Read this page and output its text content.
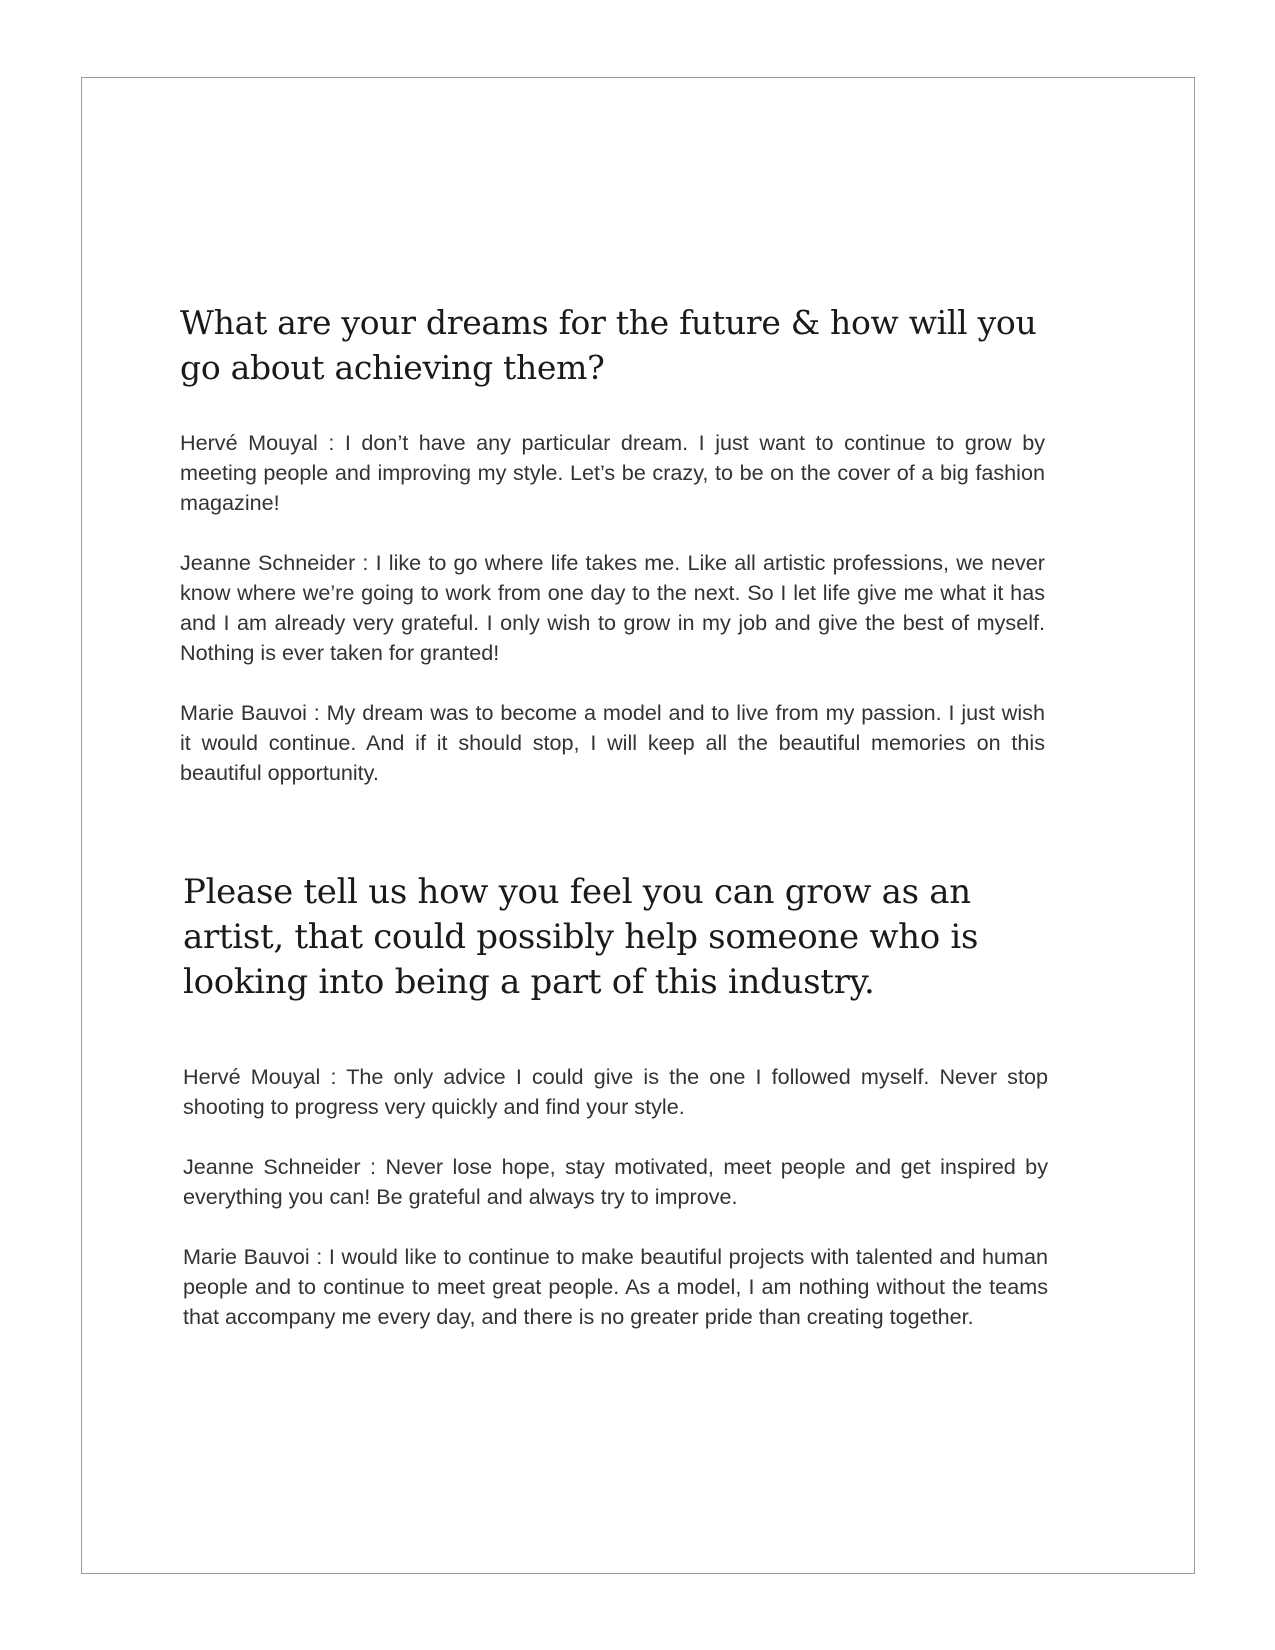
What are your dreams for the future & how will you go about achieving them?

Hervé Mouyal : I don’t have any particular dream. I just want to continue to grow by meeting people and improving my style. Let’s be crazy, to be on the cover of a big fashion magazine!

Jeanne Schneider : I like to go where life takes me. Like all artistic professions, we never know where we’re going to work from one day to the next. So I let life give me what it has and I am already very grateful. I only wish to grow in my job and give the best of myself. Nothing is ever taken for granted!

Marie Bauvoi : My dream was to become a model and to live from my passion. I just wish it would continue. And if it should stop, I will keep all the beautiful memories on this beautiful opportunity.

Please tell us how you feel you can grow as an artist, that could possibly help someone who is looking into being a part of this industry.

Hervé Mouyal : The only advice I could give is the one I followed myself. Never stop shooting to progress very quickly and find your style.

Jeanne Schneider : Never lose hope, stay motivated, meet people and get inspired by everything you can! Be grateful and always try to improve.

Marie Bauvoi : I would like to continue to make beautiful projects with talented and human people and to continue to meet great people. As a model, I am nothing without the teams that accompany me every day, and there is no greater pride than creating together.
